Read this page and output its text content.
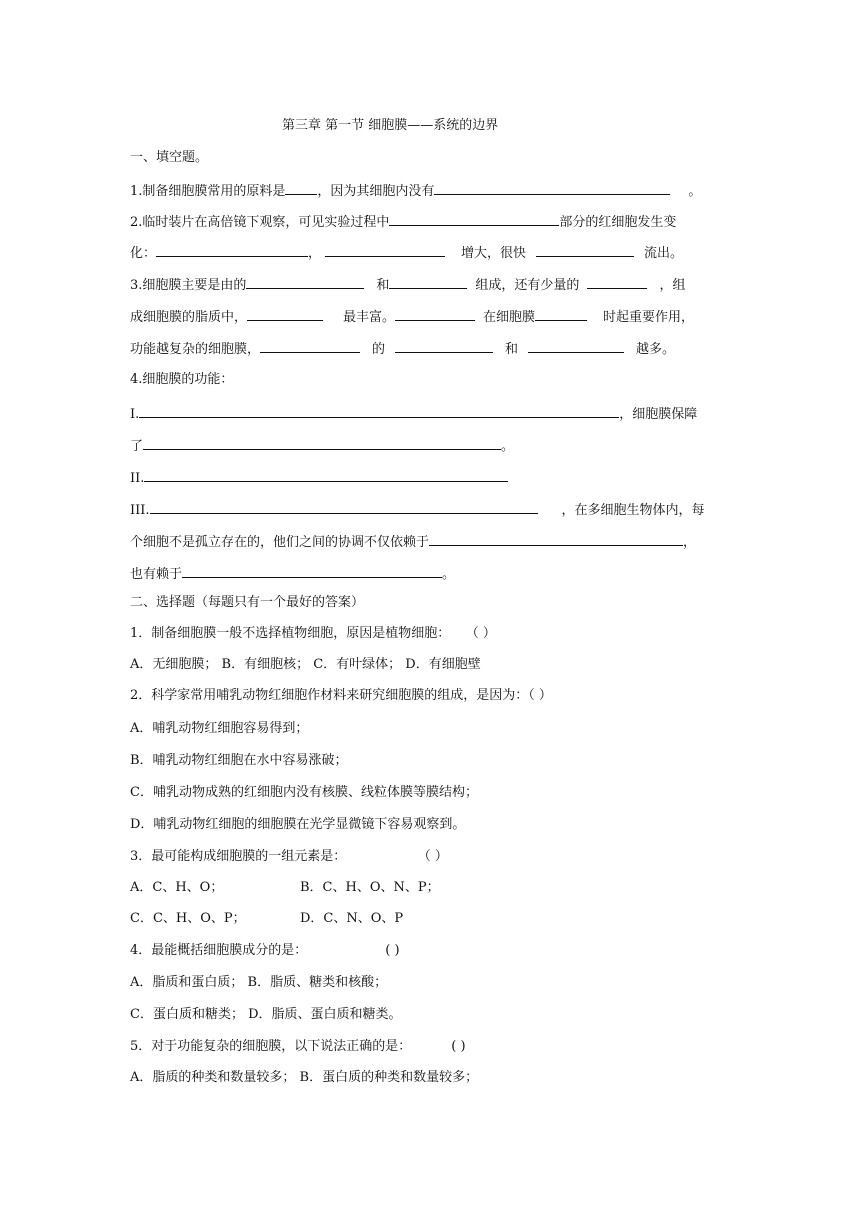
第三章 第一节 细胞膜——系统的边界
一、填空题。
1.制备细胞膜常用的原料是 ，因为其细胞内没有	。
2.临时装片在高倍镜下观察，可见实验过程中	部分的红细胞发生变
化：	，	增大，很快	流出。
3.细胞膜主要是由的	和	组成，还有少量的	，组
成细胞膜的脂质中，	最丰富。	在细胞膜	时起重要作用，
功能越复杂的细胞膜，	的	和	越多。
4.细胞膜的功能：
I.	，细胞膜保障
了	。
II.
III.	，在多细胞生物体内，每
个细胞不是孤立存在的，他们之间的协调不仅依赖于	，
也有赖于	。
二、选择题（每题只有一个最好的答案）
1．制备细胞膜一般不选择植物细胞，原因是植物细胞： （ ）
A．无细胞膜； B．有细胞核； C．有叶绿体； D．有细胞壁
2．科学家常用哺乳动物红细胞作材料来研究细胞膜的组成，是因为：（ ）
A．哺乳动物红细胞容易得到；
B．哺乳动物红细胞在水中容易涨破；
C．哺乳动物成熟的红细胞内没有核膜、线粒体膜等膜结构；
D．哺乳动物红细胞的细胞膜在光学显微镜下容易观察到。
3．最可能构成细胞膜的一组元素是：	（ ）
A．C、H、O；	B．C、H、O、N、P；
C．C、H、O、P；	D．C、N、O、P
4．最能概括细胞膜成分的是：	( )
A．脂质和蛋白质； B．脂质、糖类和核酸；
C．蛋白质和糖类； D．脂质、蛋白质和糖类。
5．对于功能复杂的细胞膜，以下说法正确的是：	( )
A．脂质的种类和数量较多； B．蛋白质的种类和数量较多；
